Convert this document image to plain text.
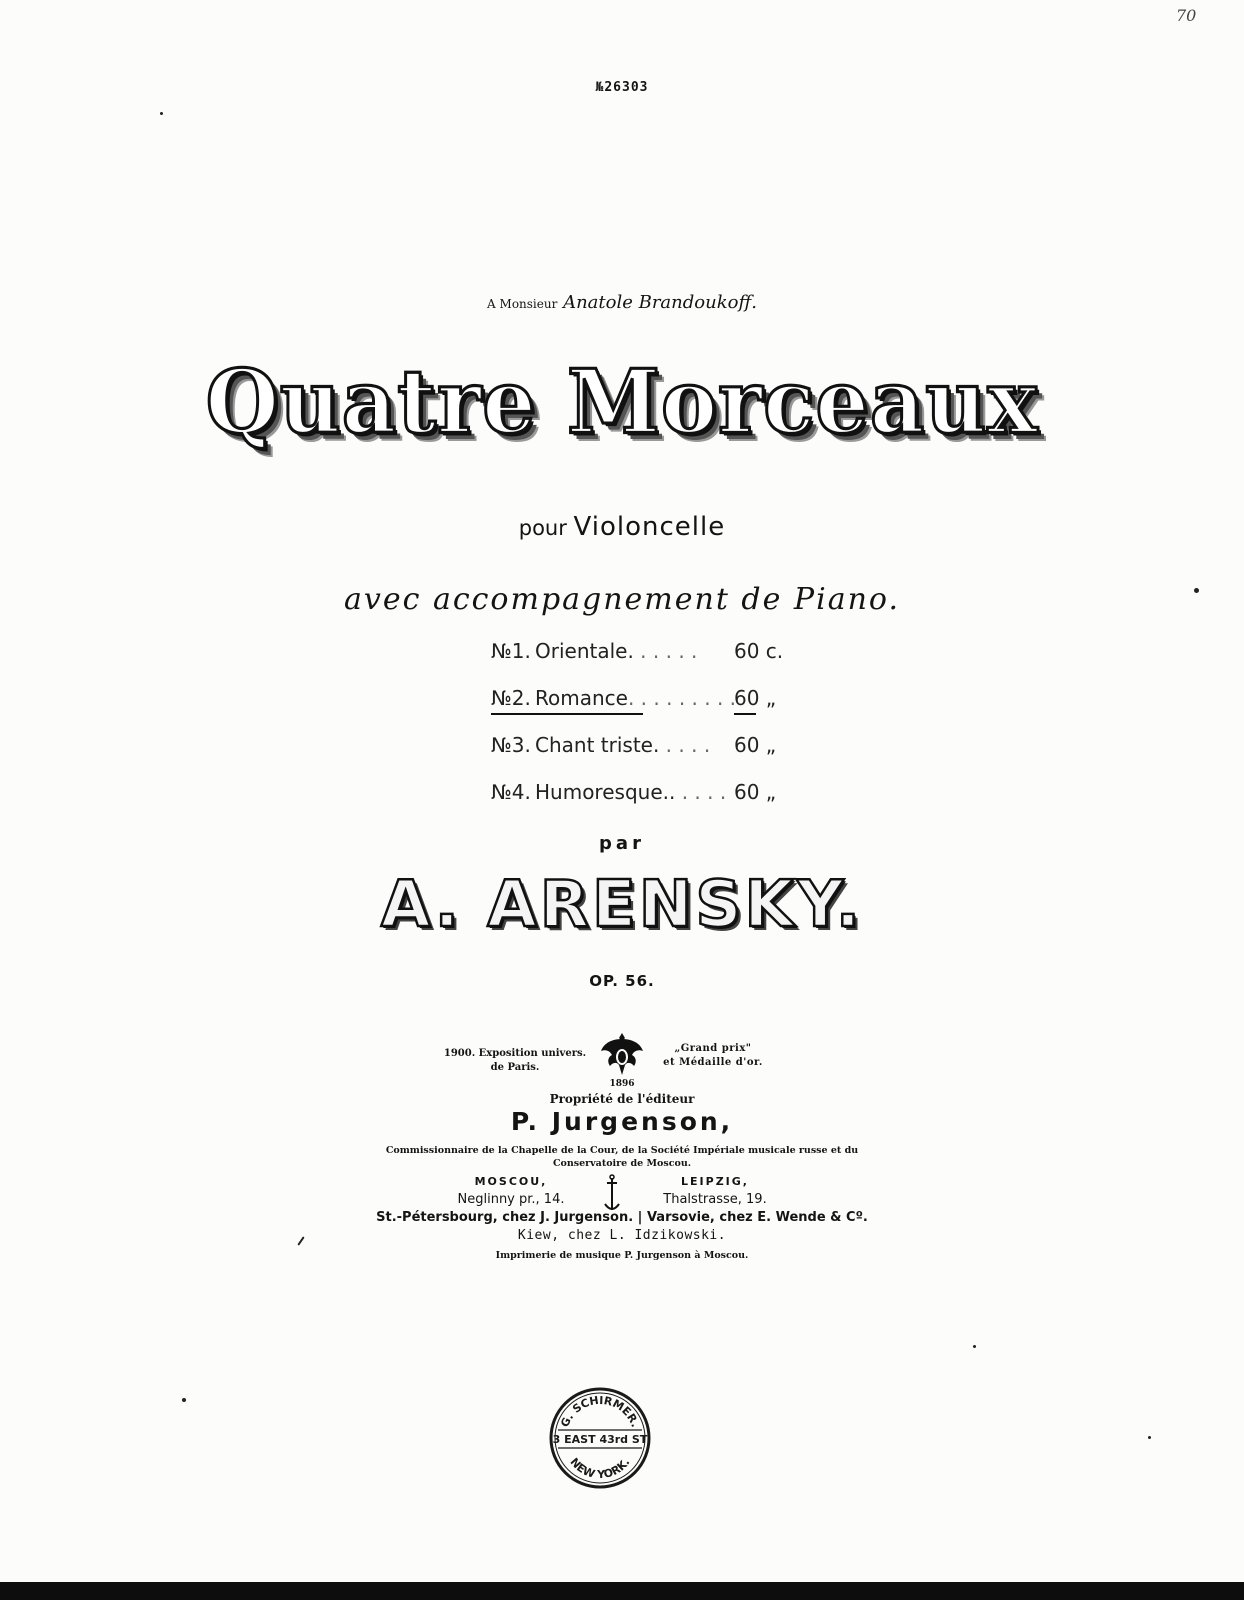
70
№26303
A Monsieur Anatole Brandoukoff.
Quatre Morceaux
pour Violoncelle
avec accompagnement de Piano.
№1. Orientale. . . . . . 60 c.
№2. Romance. . . . . . . . .
60 „
№3. Chant triste. . . . . 60 „
№4. Humoresque.. . . . . 60 „
par
A. ARENSKY.
OP. 56.
1900. Exposition univers.
de Paris.
„Grand prix"
et Médaille d'or.
1896
Propriété de l'éditeur
P. Jurgenson,
Commissionnaire de la Chapelle de la Cour, de la Société Impériale musicale russe et du
Conservatoire de Moscou.
MOSCOU,	LEIPZIG,
Neglinny pr., 14.	Thalstrasse, 19.
St.-Pétersbourg, chez J. Jurgenson. | Varsovie, chez E. Wende & Cº.
Kiew, chez L. Idzikowski.
Imprimerie de musique P. Jurgenson à Moscou.
G. SCHIRMER.
3 EAST 43rd ST
NEW YORK.
